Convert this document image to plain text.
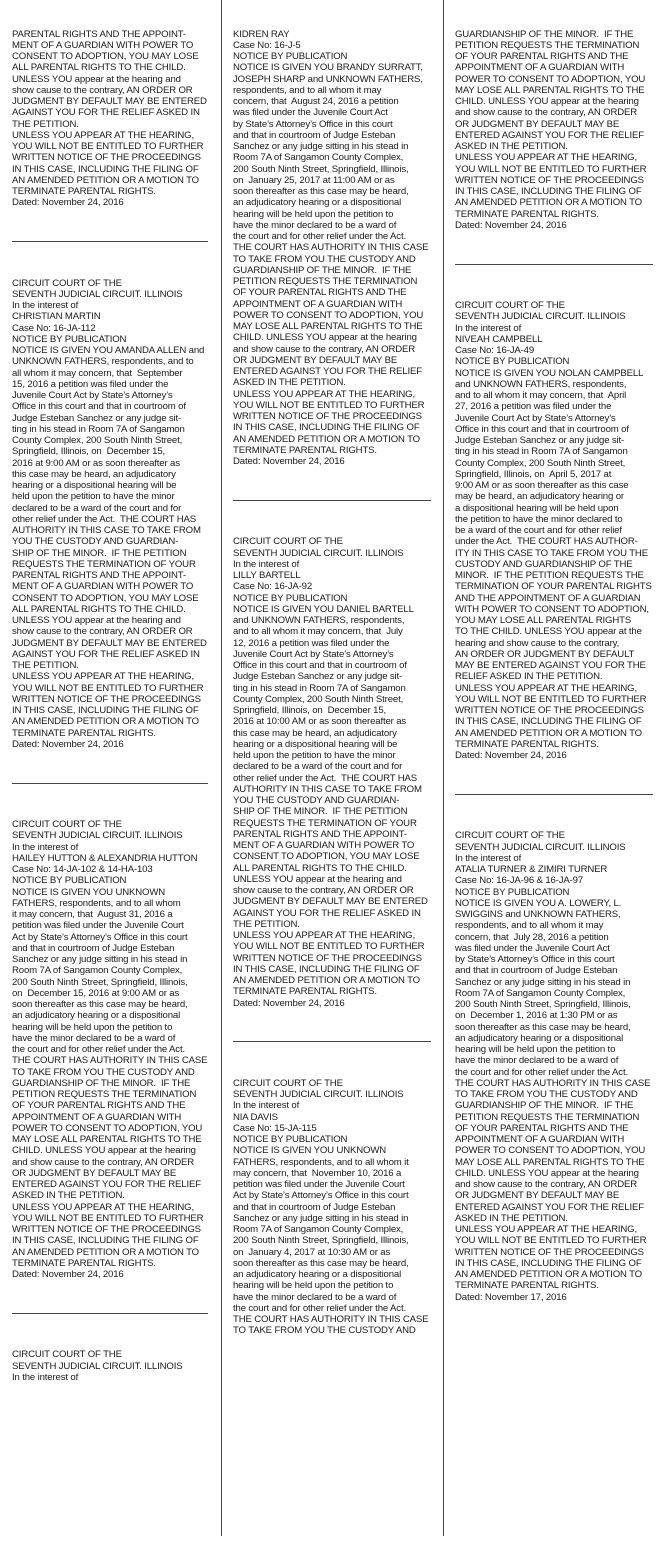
PARENTAL RIGHTS AND THE APPOINT-
MENT OF A GUARDIAN WITH POWER TO
CONSENT TO ADOPTION, YOU MAY LOSE
ALL PARENTAL RIGHTS TO THE CHILD.
UNLESS YOU appear at the hearing and
show cause to the contrary, AN ORDER OR
JUDGMENT BY DEFAULT MAY BE ENTERED
AGAINST YOU FOR THE RELIEF ASKED IN
THE PETITION.
UNLESS YOU APPEAR AT THE HEARING,
YOU WILL NOT BE ENTITLED TO FURTHER
WRITTEN NOTICE OF THE PROCEEDINGS
IN THIS CASE, INCLUDING THE FILING OF
AN AMENDED PETITION OR A MOTION TO
TERMINATE PARENTAL RIGHTS.
Dated: November 24, 2016

CIRCUIT COURT OF THE
SEVENTH JUDICIAL CIRCUIT. ILLINOIS
In the interest of
CHRISTIAN MARTIN
Case No: 16-JA-112
NOTICE BY PUBLICATION
NOTICE IS GIVEN YOU AMANDA ALLEN and
UNKNOWN FATHERS, respondents, and to
all whom it may concern, that  September
15, 2016 a petition was filed under the
Juvenile Court Act by State’s Attorney’s
Office in this court and that in courtroom of
Judge Esteban Sanchez or any judge sit-
ting in his stead in Room 7A of Sangamon
County Complex, 200 South Ninth Street,
Springfield, Illinois, on  December 15,
2016 at 9:00 AM or as soon thereafter as
this case may be heard, an adjudicatory
hearing or a dispositional hearing will be
held upon the petition to have the minor
declared to be a ward of the court and for
other relief under the Act.  THE COURT HAS
AUTHORITY IN THIS CASE TO TAKE FROM
YOU THE CUSTODY AND GUARDIAN-
SHIP OF THE MINOR.  IF THE PETITION
REQUESTS THE TERMINATION OF YOUR
PARENTAL RIGHTS AND THE APPOINT-
MENT OF A GUARDIAN WITH POWER TO
CONSENT TO ADOPTION, YOU MAY LOSE
ALL PARENTAL RIGHTS TO THE CHILD.
UNLESS YOU appear at the hearing and
show cause to the contrary, AN ORDER OR
JUDGMENT BY DEFAULT MAY BE ENTERED
AGAINST YOU FOR THE RELIEF ASKED IN
THE PETITION.
UNLESS YOU APPEAR AT THE HEARING,
YOU WILL NOT BE ENTITLED TO FURTHER
WRITTEN NOTICE OF THE PROCEEDINGS
IN THIS CASE, INCLUDING THE FILING OF
AN AMENDED PETITION OR A MOTION TO
TERMINATE PARENTAL RIGHTS.
Dated: November 24, 2016

CIRCUIT COURT OF THE
SEVENTH JUDICIAL CIRCUIT. ILLINOIS
In the interest of
HAILEY HUTTON & ALEXANDRIA HUTTON
Case No: 14-JA-102 & 14-HA-103
NOTICE BY PUBLICATION
NOTICE IS GIVEN YOU UNKNOWN
FATHERS, respondents, and to all whom
it may concern, that  August 31, 2016 a
petition was filed under the Juvenile Court
Act by State’s Attorney’s Office in this court
and that in courtroom of Judge Esteban
Sanchez or any judge sitting in his stead in
Room 7A of Sangamon County Complex,
200 South Ninth Street, Springfield, Illinois,
on  December 15, 2016 at 9:00 AM or as
soon thereafter as this case may be heard,
an adjudicatory hearing or a dispositional
hearing will be held upon the petition to
have the minor declared to be a ward of
the court and for other relief under the Act.
THE COURT HAS AUTHORITY IN THIS CASE
TO TAKE FROM YOU THE CUSTODY AND
GUARDIANSHIP OF THE MINOR.  IF THE
PETITION REQUESTS THE TERMINATION
OF YOUR PARENTAL RIGHTS AND THE
APPOINTMENT OF A GUARDIAN WITH
POWER TO CONSENT TO ADOPTION, YOU
MAY LOSE ALL PARENTAL RIGHTS TO THE
CHILD. UNLESS YOU appear at the hearing
and show cause to the contrary, AN ORDER
OR JUDGMENT BY DEFAULT MAY BE
ENTERED AGAINST YOU FOR THE RELIEF
ASKED IN THE PETITION.
UNLESS YOU APPEAR AT THE HEARING,
YOU WILL NOT BE ENTITLED TO FURTHER
WRITTEN NOTICE OF THE PROCEEDINGS
IN THIS CASE, INCLUDING THE FILING OF
AN AMENDED PETITION OR A MOTION TO
TERMINATE PARENTAL RIGHTS.
Dated: November 24, 2016

CIRCUIT COURT OF THE
SEVENTH JUDICIAL CIRCUIT. ILLINOIS
In the interest of

KIDREN RAY
Case No: 16-J-5
NOTICE BY PUBLICATION
NOTICE IS GIVEN YOU BRANDY SURRATT,
JOSEPH SHARP and UNKNOWN FATHERS,
respondents, and to all whom it may
concern, that  August 24, 2016 a petition
was filed under the Juvenile Court Act
by State’s Attorney’s Office in this court
and that in courtroom of Judge Esteban
Sanchez or any judge sitting in his stead in
Room 7A of Sangamon County Complex,
200 South Ninth Street, Springfield, Illinois,
on  January 25, 2017 at 11:00 AM or as
soon thereafter as this case may be heard,
an adjudicatory hearing or a dispositional
hearing will be held upon the petition to
have the minor declared to be a ward of
the court and for other relief under the Act.
THE COURT HAS AUTHORITY IN THIS CASE
TO TAKE FROM YOU THE CUSTODY AND
GUARDIANSHIP OF THE MINOR.  IF THE
PETITION REQUESTS THE TERMINATION
OF YOUR PARENTAL RIGHTS AND THE
APPOINTMENT OF A GUARDIAN WITH
POWER TO CONSENT TO ADOPTION, YOU
MAY LOSE ALL PARENTAL RIGHTS TO THE
CHILD. UNLESS YOU appear at the hearing
and show cause to the contrary, AN ORDER
OR JUDGMENT BY DEFAULT MAY BE
ENTERED AGAINST YOU FOR THE RELIEF
ASKED IN THE PETITION.
UNLESS YOU APPEAR AT THE HEARING,
YOU WILL NOT BE ENTITLED TO FURTHER
WRITTEN NOTICE OF THE PROCEEDINGS
IN THIS CASE, INCLUDING THE FILING OF
AN AMENDED PETITION OR A MOTION TO
TERMINATE PARENTAL RIGHTS.
Dated: November 24, 2016

CIRCUIT COURT OF THE
SEVENTH JUDICIAL CIRCUIT. ILLINOIS
In the interest of
LILLY BARTELL
Case No: 16-JA-92
NOTICE BY PUBLICATION
NOTICE IS GIVEN YOU DANIEL BARTELL
and UNKNOWN FATHERS, respondents,
and to all whom it may concern, that  July
12, 2016 a petition was filed under the
Juvenile Court Act by State’s Attorney’s
Office in this court and that in courtroom of
Judge Esteban Sanchez or any judge sit-
ting in his stead in Room 7A of Sangamon
County Complex, 200 South Ninth Street,
Springfield, Illinois, on  December 15,
2016 at 10:00 AM or as soon thereafter as
this case may be heard, an adjudicatory
hearing or a dispositional hearing will be
held upon the petition to have the minor
declared to be a ward of the court and for
other relief under the Act.  THE COURT HAS
AUTHORITY IN THIS CASE TO TAKE FROM
YOU THE CUSTODY AND GUARDIAN-
SHIP OF THE MINOR.  IF THE PETITION
REQUESTS THE TERMINATION OF YOUR
PARENTAL RIGHTS AND THE APPOINT-
MENT OF A GUARDIAN WITH POWER TO
CONSENT TO ADOPTION, YOU MAY LOSE
ALL PARENTAL RIGHTS TO THE CHILD.
UNLESS YOU appear at the hearing and
show cause to the contrary, AN ORDER OR
JUDGMENT BY DEFAULT MAY BE ENTERED
AGAINST YOU FOR THE RELIEF ASKED IN
THE PETITION.
UNLESS YOU APPEAR AT THE HEARING,
YOU WILL NOT BE ENTITLED TO FURTHER
WRITTEN NOTICE OF THE PROCEEDINGS
IN THIS CASE, INCLUDING THE FILING OF
AN AMENDED PETITION OR A MOTION TO
TERMINATE PARENTAL RIGHTS.
Dated: November 24, 2016

CIRCUIT COURT OF THE
SEVENTH JUDICIAL CIRCUIT. ILLINOIS
In the interest of
NIA DAVIS
Case No: 15-JA-115
NOTICE BY PUBLICATION
NOTICE IS GIVEN YOU UNKNOWN
FATHERS, respondents, and to all whom it
may concern, that  November 10, 2016 a
petition was filed under the Juvenile Court
Act by State’s Attorney’s Office in this court
and that in courtroom of Judge Esteban
Sanchez or any judge sitting in his stead in
Room 7A of Sangamon County Complex,
200 South Ninth Street, Springfield, Illinois,
on  January 4, 2017 at 10:30 AM or as
soon thereafter as this case may be heard,
an adjudicatory hearing or a dispositional
hearing will be held upon the petition to
have the minor declared to be a ward of
the court and for other relief under the Act.
THE COURT HAS AUTHORITY IN THIS CASE
TO TAKE FROM YOU THE CUSTODY AND

GUARDIANSHIP OF THE MINOR.  IF THE
PETITION REQUESTS THE TERMINATION
OF YOUR PARENTAL RIGHTS AND THE
APPOINTMENT OF A GUARDIAN WITH
POWER TO CONSENT TO ADOPTION, YOU
MAY LOSE ALL PARENTAL RIGHTS TO THE
CHILD. UNLESS YOU appear at the hearing
and show cause to the contrary, AN ORDER
OR JUDGMENT BY DEFAULT MAY BE
ENTERED AGAINST YOU FOR THE RELIEF
ASKED IN THE PETITION.
UNLESS YOU APPEAR AT THE HEARING,
YOU WILL NOT BE ENTITLED TO FURTHER
WRITTEN NOTICE OF THE PROCEEDINGS
IN THIS CASE, INCLUDING THE FILING OF
AN AMENDED PETITION OR A MOTION TO
TERMINATE PARENTAL RIGHTS.
Dated: November 24, 2016

CIRCUIT COURT OF THE
SEVENTH JUDICIAL CIRCUIT. ILLINOIS
In the interest of
NIVEAH CAMPBELL
Case No: 16-JA-49
NOTICE BY PUBLICATION
NOTICE IS GIVEN YOU NOLAN CAMPBELL
and UNKNOWN FATHERS, respondents,
and to all whom it may concern, that  April
27, 2016 a petition was filed under the
Juvenile Court Act by State’s Attorney’s
Office in this court and that in courtroom of
Judge Esteban Sanchez or any judge sit-
ting in his stead in Room 7A of Sangamon
County Complex, 200 South Ninth Street,
Springfield, Illinois, on  April 5, 2017 at
9:00 AM or as soon thereafter as this case
may be heard, an adjudicatory hearing or
a dispositional hearing will be held upon
the petition to have the minor declared to
be a ward of the court and for other relief
under the Act.  THE COURT HAS AUTHOR-
ITY IN THIS CASE TO TAKE FROM YOU THE
CUSTODY AND GUARDIANSHIP OF THE
MINOR.  IF THE PETITION REQUESTS THE
TERMINATION OF YOUR PARENTAL RIGHTS
AND THE APPOINTMENT OF A GUARDIAN
WITH POWER TO CONSENT TO ADOPTION,
YOU MAY LOSE ALL PARENTAL RIGHTS
TO THE CHILD. UNLESS YOU appear at the
hearing and show cause to the contrary,
AN ORDER OR JUDGMENT BY DEFAULT
MAY BE ENTERED AGAINST YOU FOR THE
RELIEF ASKED IN THE PETITION.
UNLESS YOU APPEAR AT THE HEARING,
YOU WILL NOT BE ENTITLED TO FURTHER
WRITTEN NOTICE OF THE PROCEEDINGS
IN THIS CASE, INCLUDING THE FILING OF
AN AMENDED PETITION OR A MOTION TO
TERMINATE PARENTAL RIGHTS.
Dated: November 24, 2016

CIRCUIT COURT OF THE
SEVENTH JUDICIAL CIRCUIT. ILLINOIS
In the interest of
ATALIA TURNER & ZIMIRI TURNER
Case No: 16-JA-96 & 16-JA-97
NOTICE BY PUBLICATION
NOTICE IS GIVEN YOU A. LOWERY, L.
SWIGGINS and UNKNOWN FATHERS,
respondents, and to all whom it may
concern, that  July 28, 2016 a petition
was filed under the Juvenile Court Act
by State’s Attorney’s Office in this court
and that in courtroom of Judge Esteban
Sanchez or any judge sitting in his stead in
Room 7A of Sangamon County Complex,
200 South Ninth Street, Springfield, Illinois,
on  December 1, 2016 at 1:30 PM or as
soon thereafter as this case may be heard,
an adjudicatory hearing or a dispositional
hearing will be held upon the petition to
have the minor declared to be a ward of
the court and for other relief under the Act.
THE COURT HAS AUTHORITY IN THIS CASE
TO TAKE FROM YOU THE CUSTODY AND
GUARDIANSHIP OF THE MINOR.  IF THE
PETITION REQUESTS THE TERMINATION
OF YOUR PARENTAL RIGHTS AND THE
APPOINTMENT OF A GUARDIAN WITH
POWER TO CONSENT TO ADOPTION, YOU
MAY LOSE ALL PARENTAL RIGHTS TO THE
CHILD. UNLESS YOU appear at the hearing
and show cause to the contrary, AN ORDER
OR JUDGMENT BY DEFAULT MAY BE
ENTERED AGAINST YOU FOR THE RELIEF
ASKED IN THE PETITION.
UNLESS YOU APPEAR AT THE HEARING,
YOU WILL NOT BE ENTITLED TO FURTHER
WRITTEN NOTICE OF THE PROCEEDINGS
IN THIS CASE, INCLUDING THE FILING OF
AN AMENDED PETITION OR A MOTION TO
TERMINATE PARENTAL RIGHTS.
Dated: November 17, 2016
